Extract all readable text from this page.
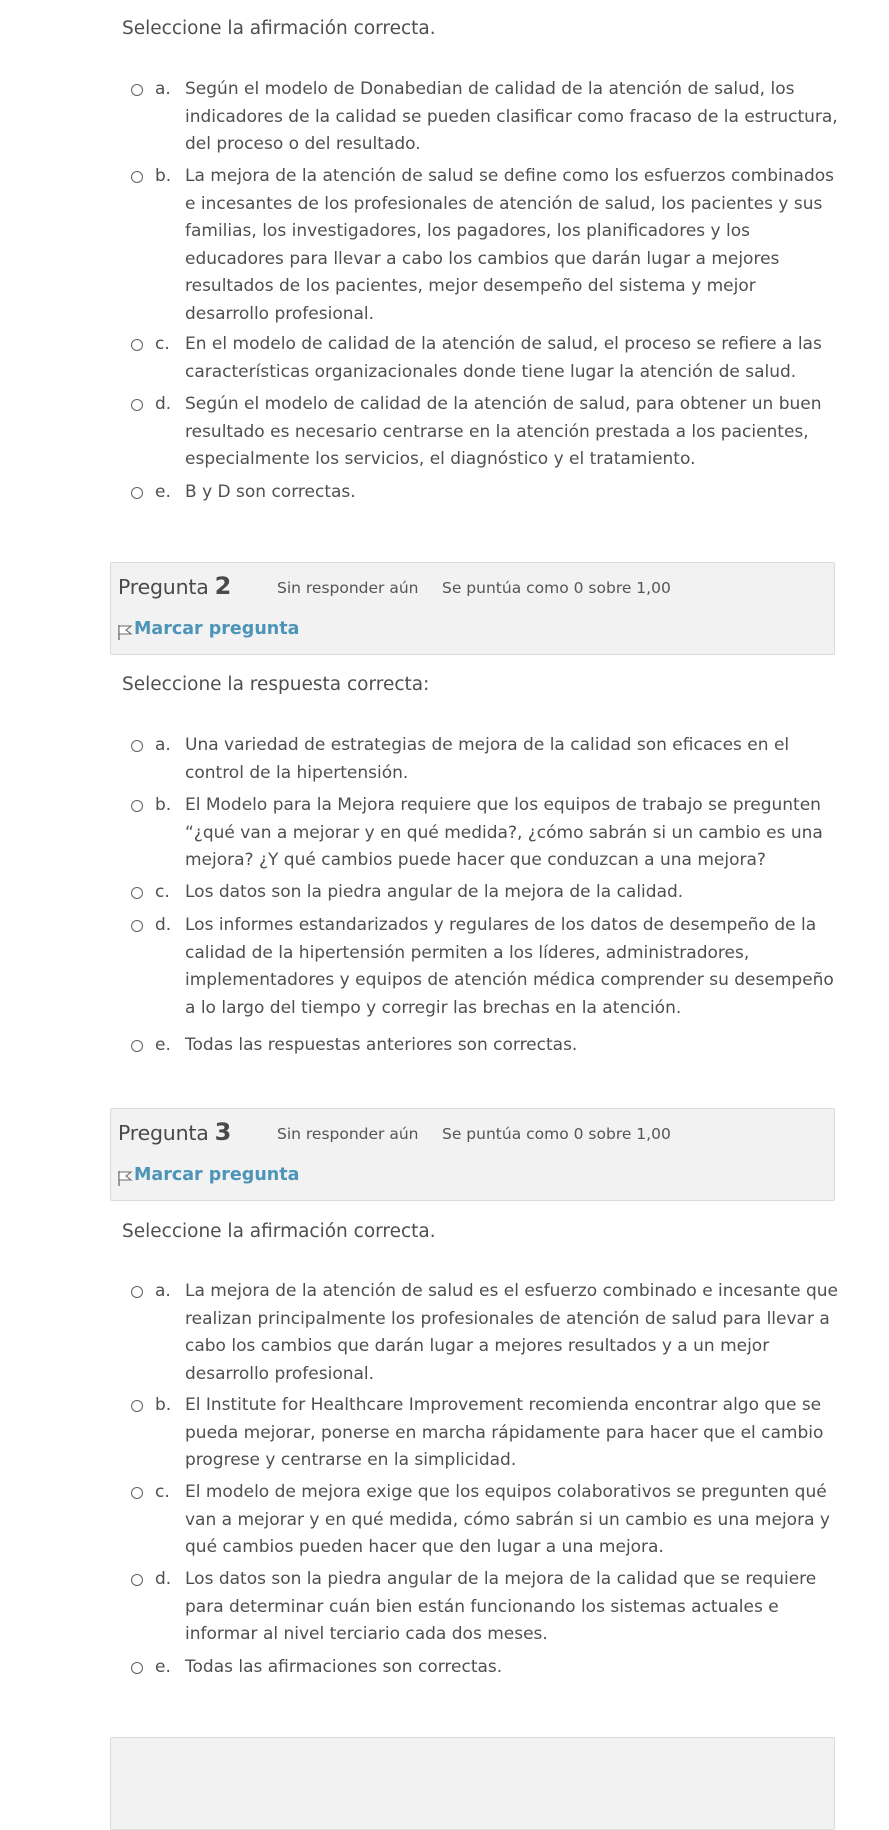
Seleccione la afirmación correcta.

a. Según el modelo de Donabedian de calidad de la atención de salud, los
indicadores de la calidad se pueden clasificar como fracaso de la estructura,
del proceso o del resultado.
b. La mejora de la atención de salud se define como los esfuerzos combinados
e incesantes de los profesionales de atención de salud, los pacientes y sus
familias, los investigadores, los pagadores, los planificadores y los
educadores para llevar a cabo los cambios que darán lugar a mejores
resultados de los pacientes, mejor desempeño del sistema y mejor
desarrollo profesional.
c. En el modelo de calidad de la atención de salud, el proceso se refiere a las
características organizacionales donde tiene lugar la atención de salud.
d. Según el modelo de calidad de la atención de salud, para obtener un buen
resultado es necesario centrarse en la atención prestada a los pacientes,
especialmente los servicios, el diagnóstico y el tratamiento.
e. B y D son correctas.
Pregunta 2	Sin responder aún Se puntúa como 0 sobre 1,00
Marcar pregunta

Seleccione la respuesta correcta:

a. Una variedad de estrategias de mejora de la calidad son eficaces en el
control de la hipertensión.
b. El Modelo para la Mejora requiere que los equipos de trabajo se pregunten
“¿qué van a mejorar y en qué medida?, ¿cómo sabrán si un cambio es una
mejora? ¿Y qué cambios puede hacer que conduzcan a una mejora?
c. Los datos son la piedra angular de la mejora de la calidad.
d. Los informes estandarizados y regulares de los datos de desempeño de la
calidad de la hipertensión permiten a los líderes, administradores,
implementadores y equipos de atención médica comprender su desempeño
a lo largo del tiempo y corregir las brechas en la atención.
e. Todas las respuestas anteriores son correctas.
Pregunta 3	Sin responder aún Se puntúa como 0 sobre 1,00
Marcar pregunta

Seleccione la afirmación correcta.

a. La mejora de la atención de salud es el esfuerzo combinado e incesante que
realizan principalmente los profesionales de atención de salud para llevar a
cabo los cambios que darán lugar a mejores resultados y a un mejor
desarrollo profesional.
b. El Institute for Healthcare Improvement recomienda encontrar algo que se
pueda mejorar, ponerse en marcha rápidamente para hacer que el cambio
progrese y centrarse en la simplicidad.
c. El modelo de mejora exige que los equipos colaborativos se pregunten qué
van a mejorar y en qué medida, cómo sabrán si un cambio es una mejora y
qué cambios pueden hacer que den lugar a una mejora.
d. Los datos son la piedra angular de la mejora de la calidad que se requiere
para determinar cuán bien están funcionando los sistemas actuales e
informar al nivel terciario cada dos meses.
e. Todas las afirmaciones son correctas.
